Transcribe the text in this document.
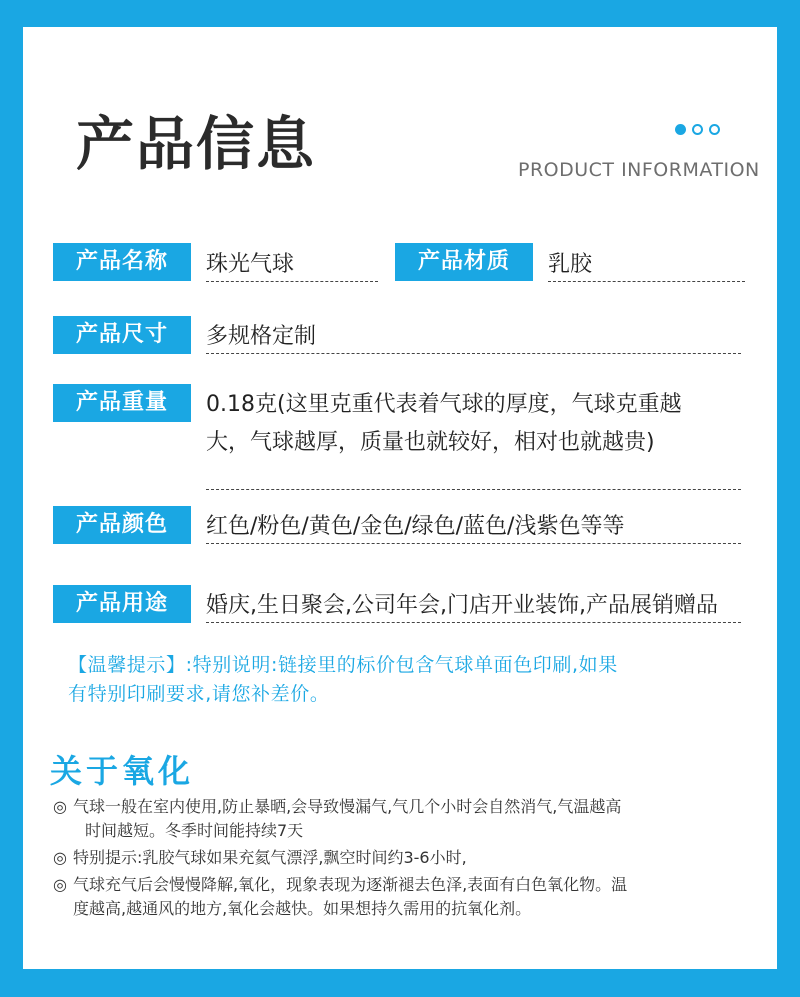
产品信息	PRODUCT INFORMATION
产品名称	珠光气球	产品材质	乳胶
产品尺寸	多规格定制
产品重量	0.18克(这里克重代表着气球的厚度，气球克重越
大，气球越厚，质量也就较好，相对也就越贵)
产品颜色	红色/粉色/黄色/金色/绿色/蓝色/浅紫色等等
产品用途	婚庆,生日聚会,公司年会,门店开业装饰,产品展销赠品
【温馨提示】:特别说明:链接里的标价包含气球单面色印刷,如果
有特别印刷要求,请您补差价。
关于氧化
◎ 气球一般在室内使用,防止暴晒,会导致慢漏气,气几个小时会自然消气,气温越高
时间越短。冬季时间能持续7天
◎ 特别提示:乳胶气球如果充氦气漂浮,飘空时间约3-6小时,
◎ 气球充气后会慢慢降解,氧化，现象表现为逐渐褪去色泽,表面有白色氧化物。温
度越高,越通风的地方,氧化会越快。如果想持久需用的抗氧化剂。
